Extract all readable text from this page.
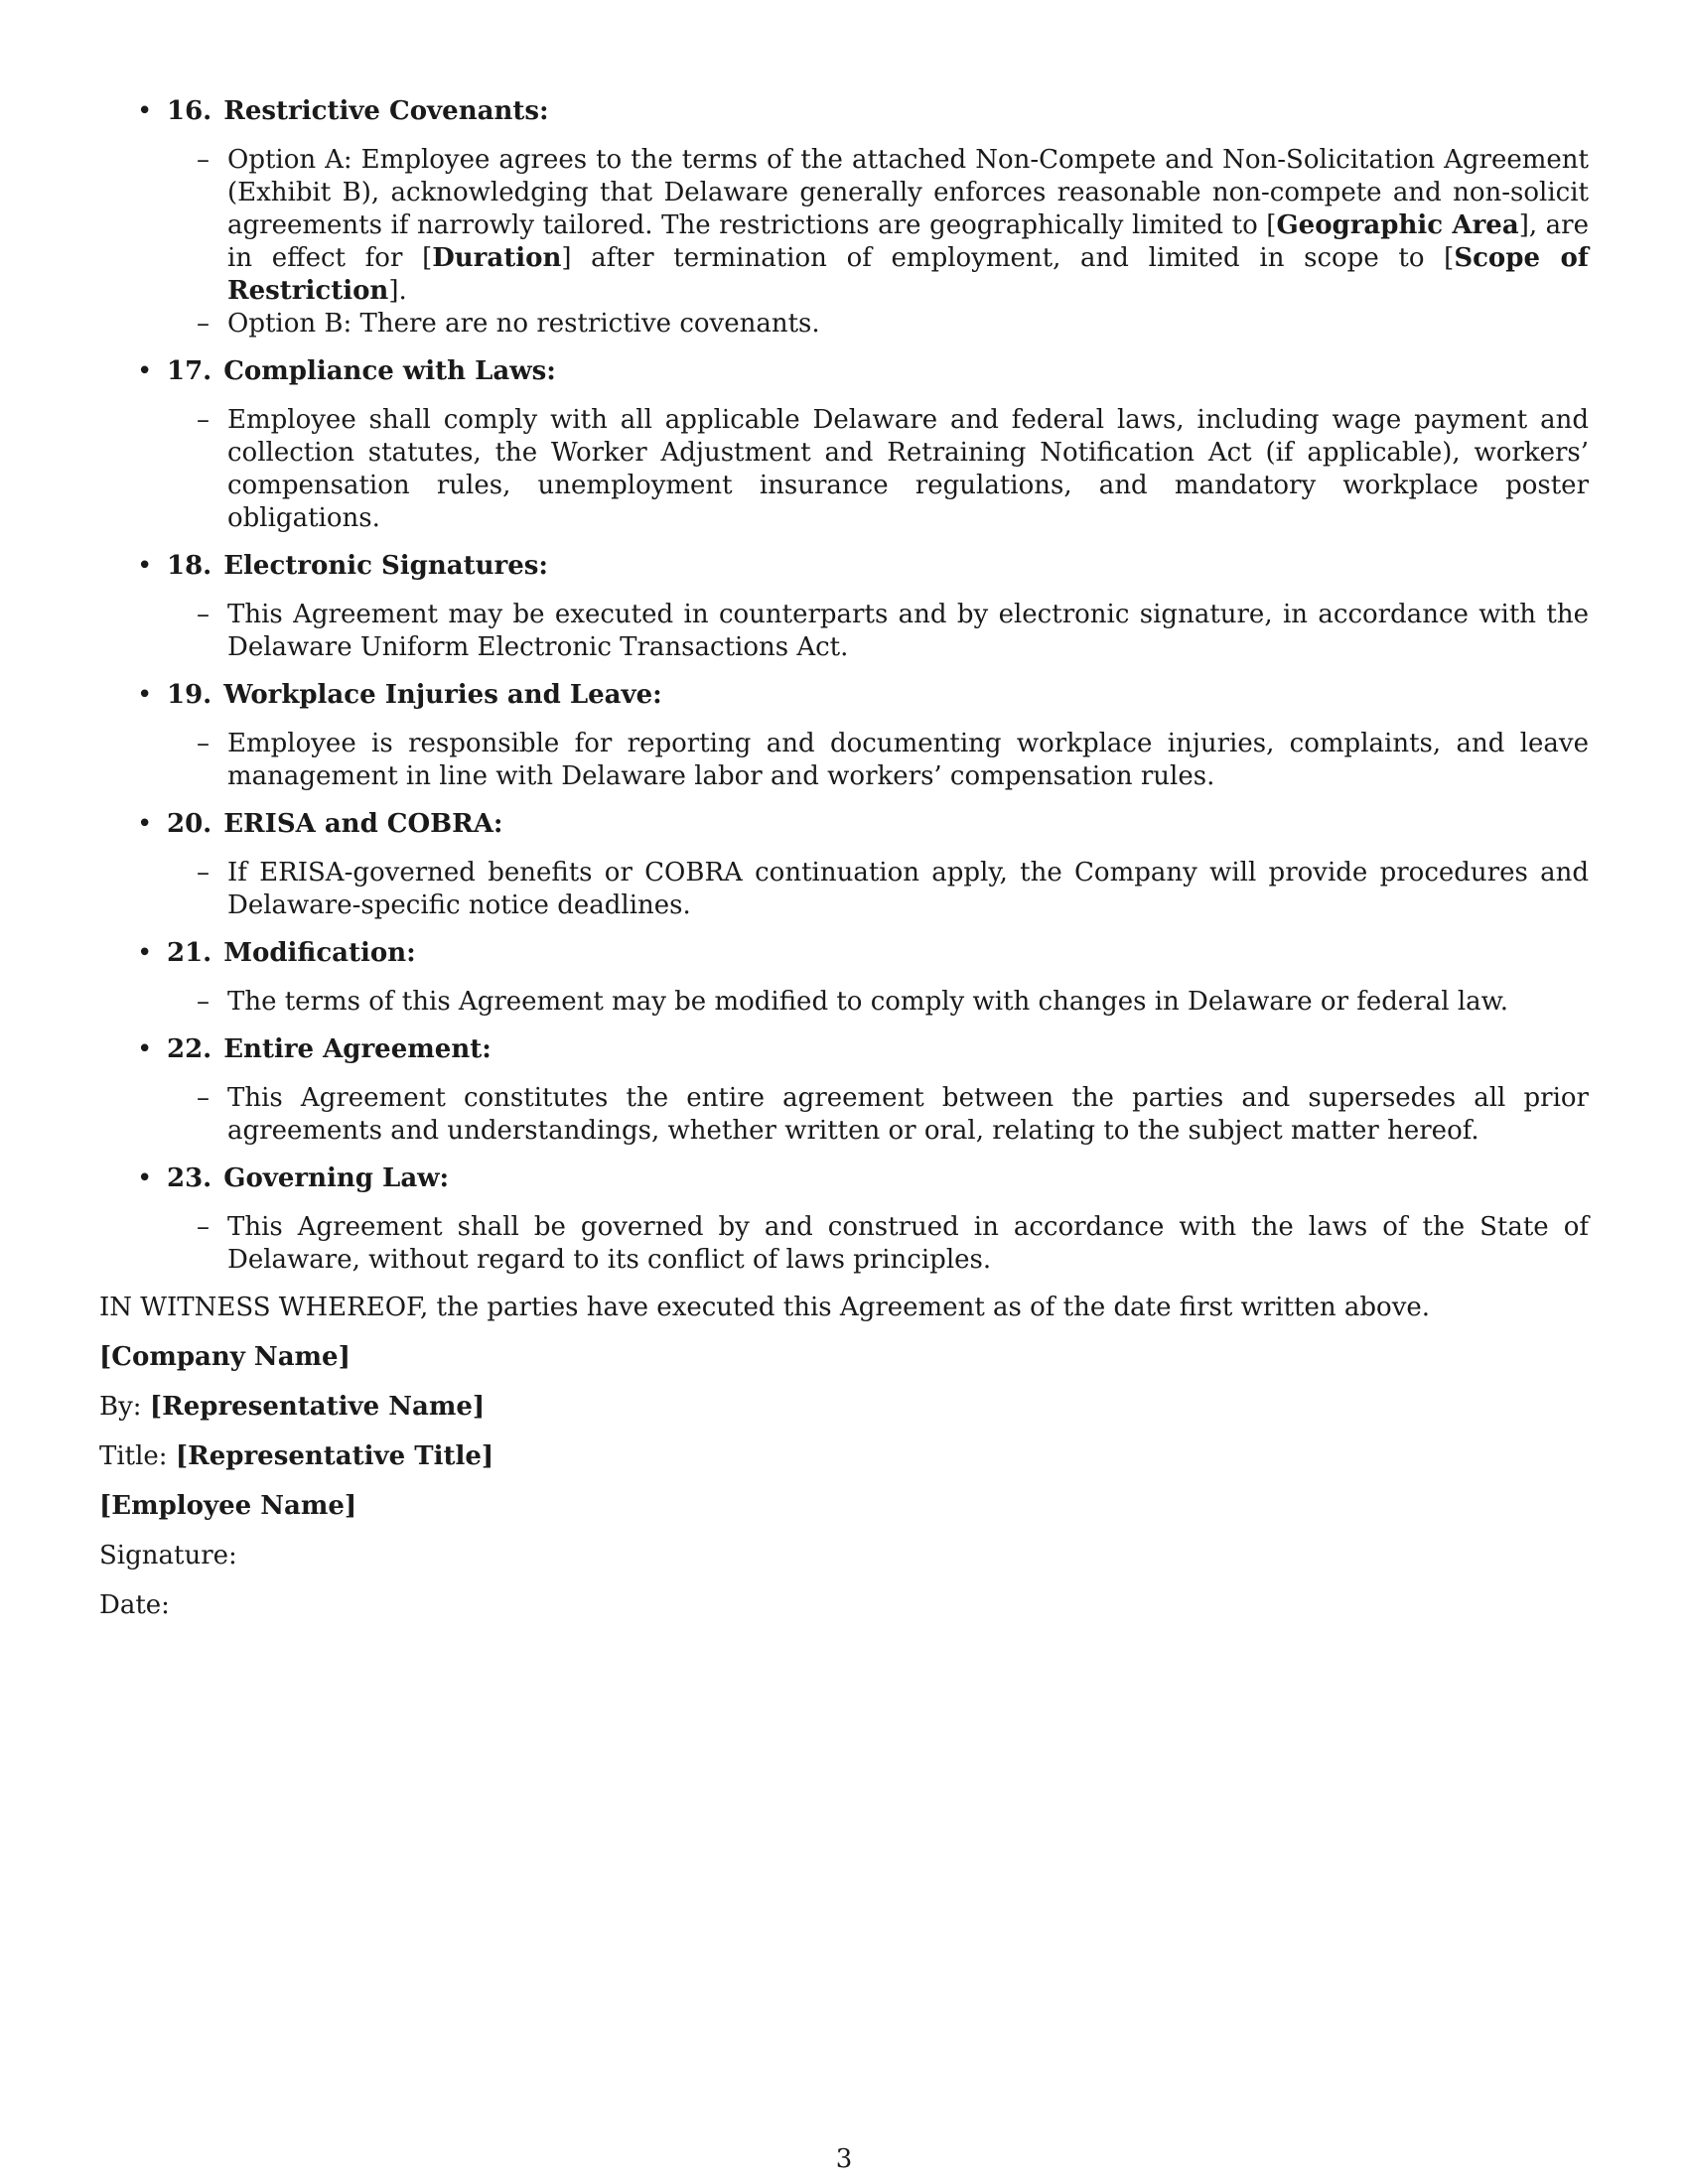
• 16. Restrictive Covenants:
– Option A: Employee agrees to the terms of the attached Non-Compete and Non-Solicitation Agreement (Exhibit B), acknowledging that Delaware generally enforces reasonable non-compete and non-solicit agreements if narrowly tailored. The restrictions are geographically limited to [Geographic Area], are in effect for [Duration] after termination of employment, and limited in scope to [Scope of Restriction].
– Option B: There are no restrictive covenants.
• 17. Compliance with Laws:
– Employee shall comply with all applicable Delaware and federal laws, including wage payment and collection statutes, the Worker Adjustment and Retraining Notification Act (if applicable), workers’ compensation rules, unemployment insurance regulations, and mandatory workplace poster obligations.
• 18. Electronic Signatures:
– This Agreement may be executed in counterparts and by electronic signature, in accordance with the Delaware Uniform Electronic Transactions Act.
• 19. Workplace Injuries and Leave:
– Employee is responsible for reporting and documenting workplace injuries, complaints, and leave management in line with Delaware labor and workers’ compensation rules.
• 20. ERISA and COBRA:
– If ERISA-governed benefits or COBRA continuation apply, the Company will provide procedures and Delaware-specific notice deadlines.
• 21. Modification:
– The terms of this Agreement may be modified to comply with changes in Delaware or federal law.
• 22. Entire Agreement:
– This Agreement constitutes the entire agreement between the parties and supersedes all prior agreements and understandings, whether written or oral, relating to the subject matter hereof.
• 23. Governing Law:
– This Agreement shall be governed by and construed in accordance with the laws of the State of Delaware, without regard to its conflict of laws principles.
IN WITNESS WHEREOF, the parties have executed this Agreement as of the date first written above.
[Company Name]
By: [Representative Name]
Title: [Representative Title]
[Employee Name]
Signature:
Date:
3
